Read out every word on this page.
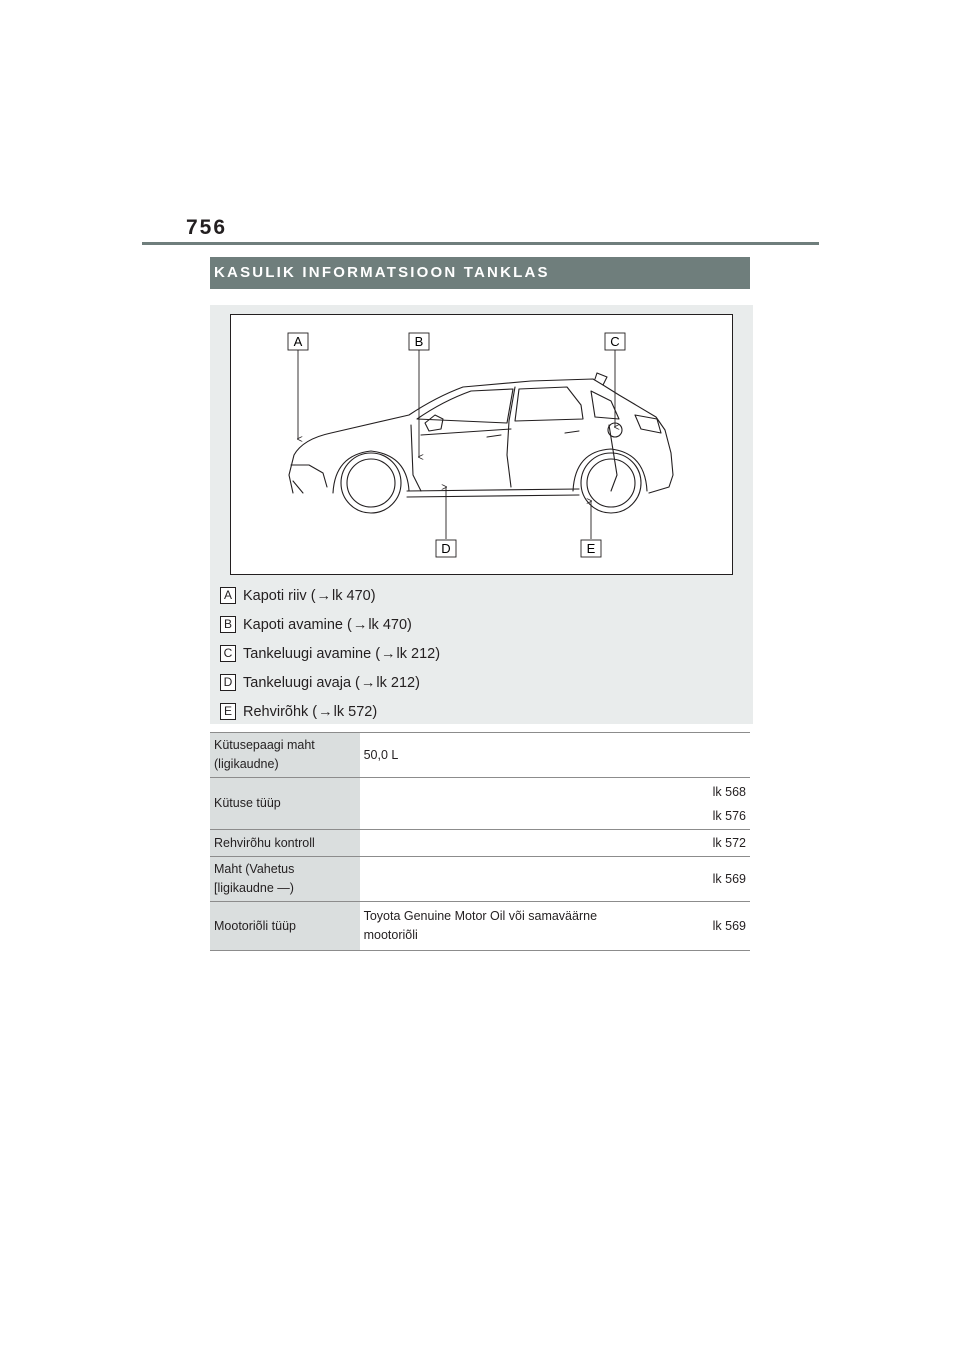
756
KASULIK INFORMATSIOON TANKLAS
A	B	C
D	E
A Kapoti riiv ( → lk 470)
B Kapoti avamine ( → lk 470)
C Tankeluugi avamine ( → lk 212)
D Tankeluugi avaja ( → lk 212)
E Rehvirõhk ( → lk 572)
Kütusepaagi maht
(ligikaudne)	50,0 L	
Kütuse tüüp		lk 568
lk 576

Rehvirõhu kontroll		lk 572

Maht (Vahetus
[ligikaudne —)		lk 569
Mootoriõli tüüp	Toyota Genuine Motor Oil või samaväärne
mootoriõli	lk 569
